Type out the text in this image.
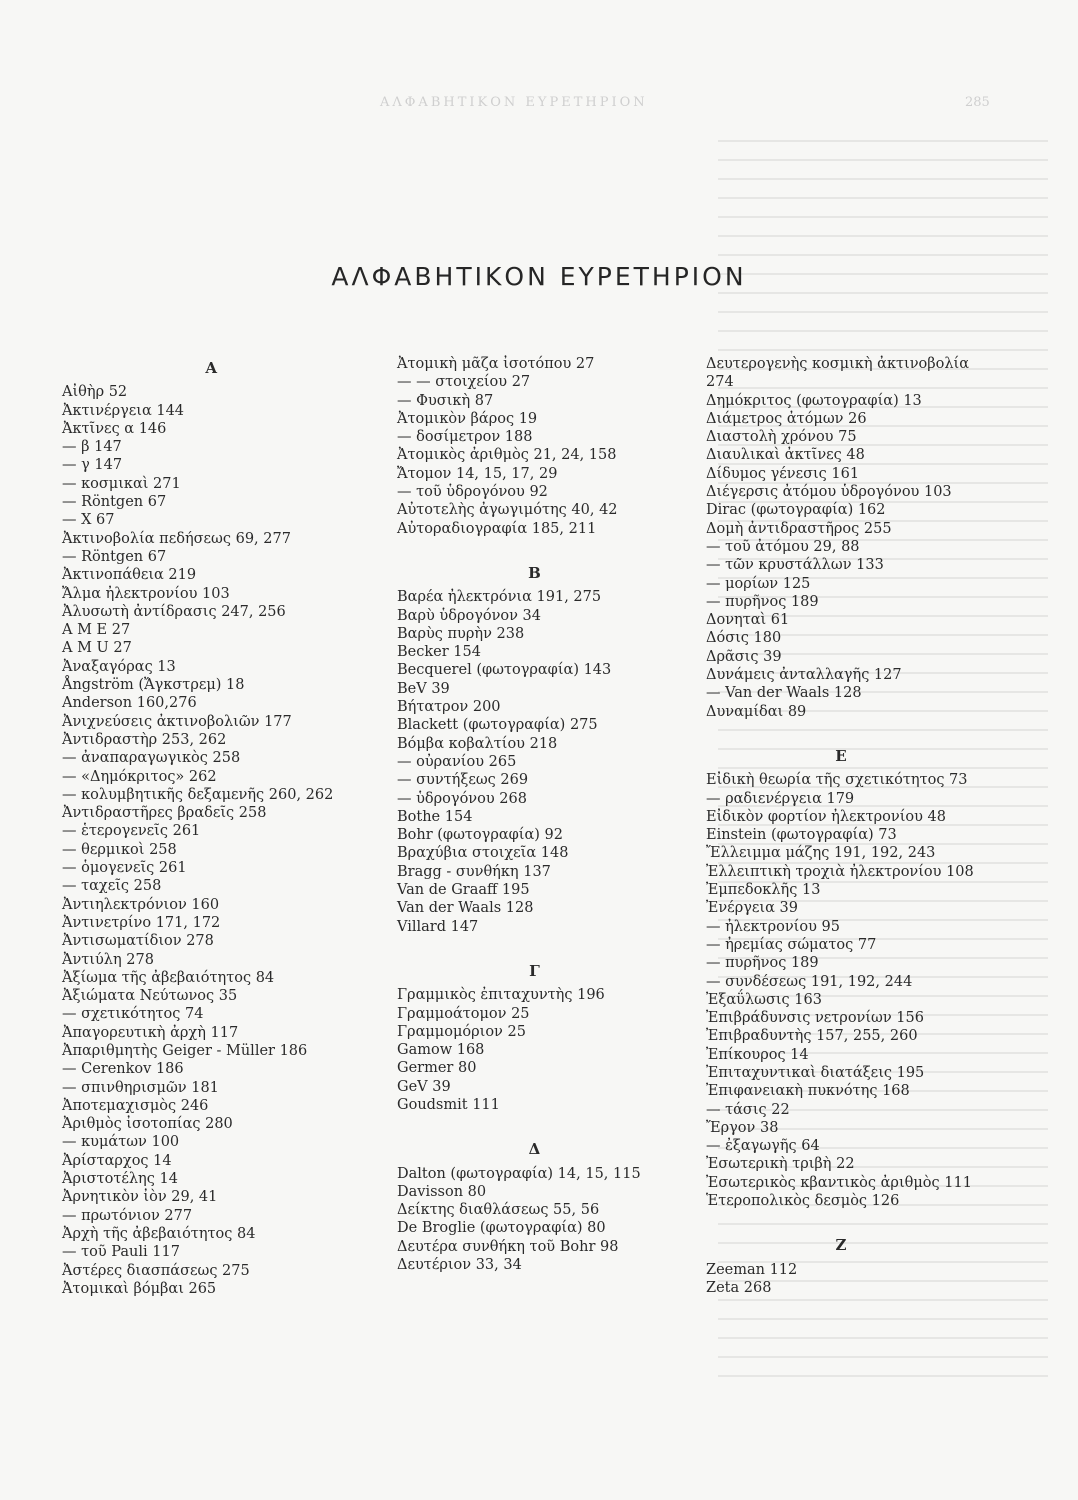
ΑΛΦΑΒΗΤΙΚΟΝ ΕΥΡΕΤΗΡΙΟΝ	285
ΑΛΦΑΒΗΤΙΚΟΝ ΕΥΡΕΤΗΡΙΟΝ
A
Αἰθὴρ 52
Ἀκτινέργεια 144
Ἀκτῖνες α 146
— β 147
— γ 147
— κοσμικαὶ 271
— Röntgen 67
— X 67
Ἀκτινοβολία πεδήσεως 69, 277
— Röntgen 67
Ἀκτινοπάθεια 219
Ἄλμα ἠλεκτρονίου 103
Ἀλυσωτὴ ἀντίδρασις 247, 256
A M E 27
A M U 27
Ἀναξαγόρας 13
Ångström (Ἄγκστρεμ) 18
Anderson 160,276
Ἀνιχνεύσεις ἀκτινοβολιῶν 177
Ἀντιδραστὴρ 253, 262
— ἀναπαραγωγικὸς 258
— «Δημόκριτος» 262
— κολυμβητικῆς δεξαμενῆς 260, 262
Ἀντιδραστῆρες βραδεῖς 258
— ἑτερογενεῖς 261
— θερμικοὶ 258
— ὁμογενεῖς 261
— ταχεῖς 258
Ἀντιηλεκτρόνιον 160
Ἀντινετρίνο 171, 172
Ἀντισωματίδιον 278
Ἀντιύλη 278
Ἀξίωμα τῆς ἀβεβαιότητος 84
Ἀξιώματα Νεύτωνος 35
— σχετικότητος 74
Ἀπαγορευτικὴ ἀρχὴ 117
Ἀπαριθμητὴς Geiger - Müller 186
— Cerenkov 186
— σπινθηρισμῶν 181
Ἀποτεμαχισμὸς 246
Ἀριθμὸς ἰσοτοπίας 280
— κυμάτων 100
Ἀρίσταρχος 14
Ἀριστοτέλης 14
Ἀρνητικὸν ἰὸν 29, 41
— πρωτόνιον 277
Ἀρχὴ τῆς ἀβεβαιότητος 84
— τοῦ Pauli 117
Ἀστέρες διασπάσεως 275
Ἀτομικαὶ βόμβαι 265
Ἀτομικὴ μᾶζα ἰσοτόπου 27
— — στοιχείου 27
— Φυσικὴ 87
Ἀτομικὸν βάρος 19
— δοσίμετρον 188
Ἀτομικὸς ἀριθμὸς 21, 24, 158
Ἄτομον 14, 15, 17, 29
— τοῦ ὑδρογόνου 92
Αὐτοτελὴς ἀγωγιμότης 40, 42
Αὐτοραδιογραφία 185, 211
B
Βαρέα ἠλεκτρόνια 191, 275
Βαρὺ ὑδρογόνον 34
Βαρὺς πυρὴν 238
Becker 154
Becquerel (φωτογραφία) 143
BeV 39
Βήτατρον 200
Blackett (φωτογραφία) 275
Βόμβα κοβαλτίου 218
— οὐρανίου 265
— συντήξεως 269
— ὑδρογόνου 268
Bothe 154
Bohr (φωτογραφία) 92
Βραχύβια στοιχεῖα 148
Bragg - συνθήκη 137
Van de Graaff 195
Van der Waals 128
Villard 147
Γ
Γραμμικὸς ἐπιταχυντὴς 196
Γραμμοάτομον 25
Γραμμομόριον 25
Gamow 168
Germer 80
GeV 39
Goudsmit 111
Δ
Dalton (φωτογραφία) 14, 15, 115
Davisson 80
Δείκτης διαθλάσεως 55, 56
De Broglie (φωτογραφία) 80
Δευτέρα συνθήκη τοῦ Bohr 98
Δευτέριον 33, 34
Δευτερογενὴς κοσμικὴ ἀκτινοβολία 274
Δημόκριτος (φωτογραφία) 13
Διάμετρος ἀτόμων 26
Διαστολὴ χρόνου 75
Διαυλικαὶ ἀκτῖνες 48
Δίδυμος γένεσις 161
Διέγερσις ἀτόμου ὑδρογόνου 103
Dirac (φωτογραφία) 162
Δομὴ ἀντιδραστῆρος 255
— τοῦ ἀτόμου 29, 88
— τῶν κρυστάλλων 133
— μορίων 125
— πυρῆνος 189
Δονηταὶ 61
Δόσις 180
Δρᾶσις 39
Δυνάμεις ἀνταλλαγῆς 127
— Van der Waals 128
Δυναμίδαι 89
E
Εἰδικὴ θεωρία τῆς σχετικότητος 73
— ραδιενέργεια 179
Εἰδικὸν φορτίον ἠλεκτρονίου 48
Einstein (φωτογραφία) 73
Ἔλλειμμα μάζης 191, 192, 243
Ἐλλειπτικὴ τροχιὰ ἠλεκτρονίου 108
Ἐμπεδοκλῆς 13
Ἐνέργεια 39
— ἠλεκτρονίου 95
— ἠρεμίας σώματος 77
— πυρῆνος 189
— συνδέσεως 191, 192, 244
Ἐξαΰλωσις 163
Ἐπιβράδυνσις νετρονίων 156
Ἐπιβραδυντὴς 157, 255, 260
Ἐπίκουρος 14
Ἐπιταχυντικαὶ διατάξεις 195
Ἐπιφανειακὴ πυκνότης 168
— τάσις 22
Ἔργον 38
— ἐξαγωγῆς 64
Ἐσωτερικὴ τριβὴ 22
Ἐσωτερικὸς κβαντικὸς ἀριθμὸς 111
Ἑτεροπολικὸς δεσμὸς 126
Z
Zeeman 112
Zeta 268
